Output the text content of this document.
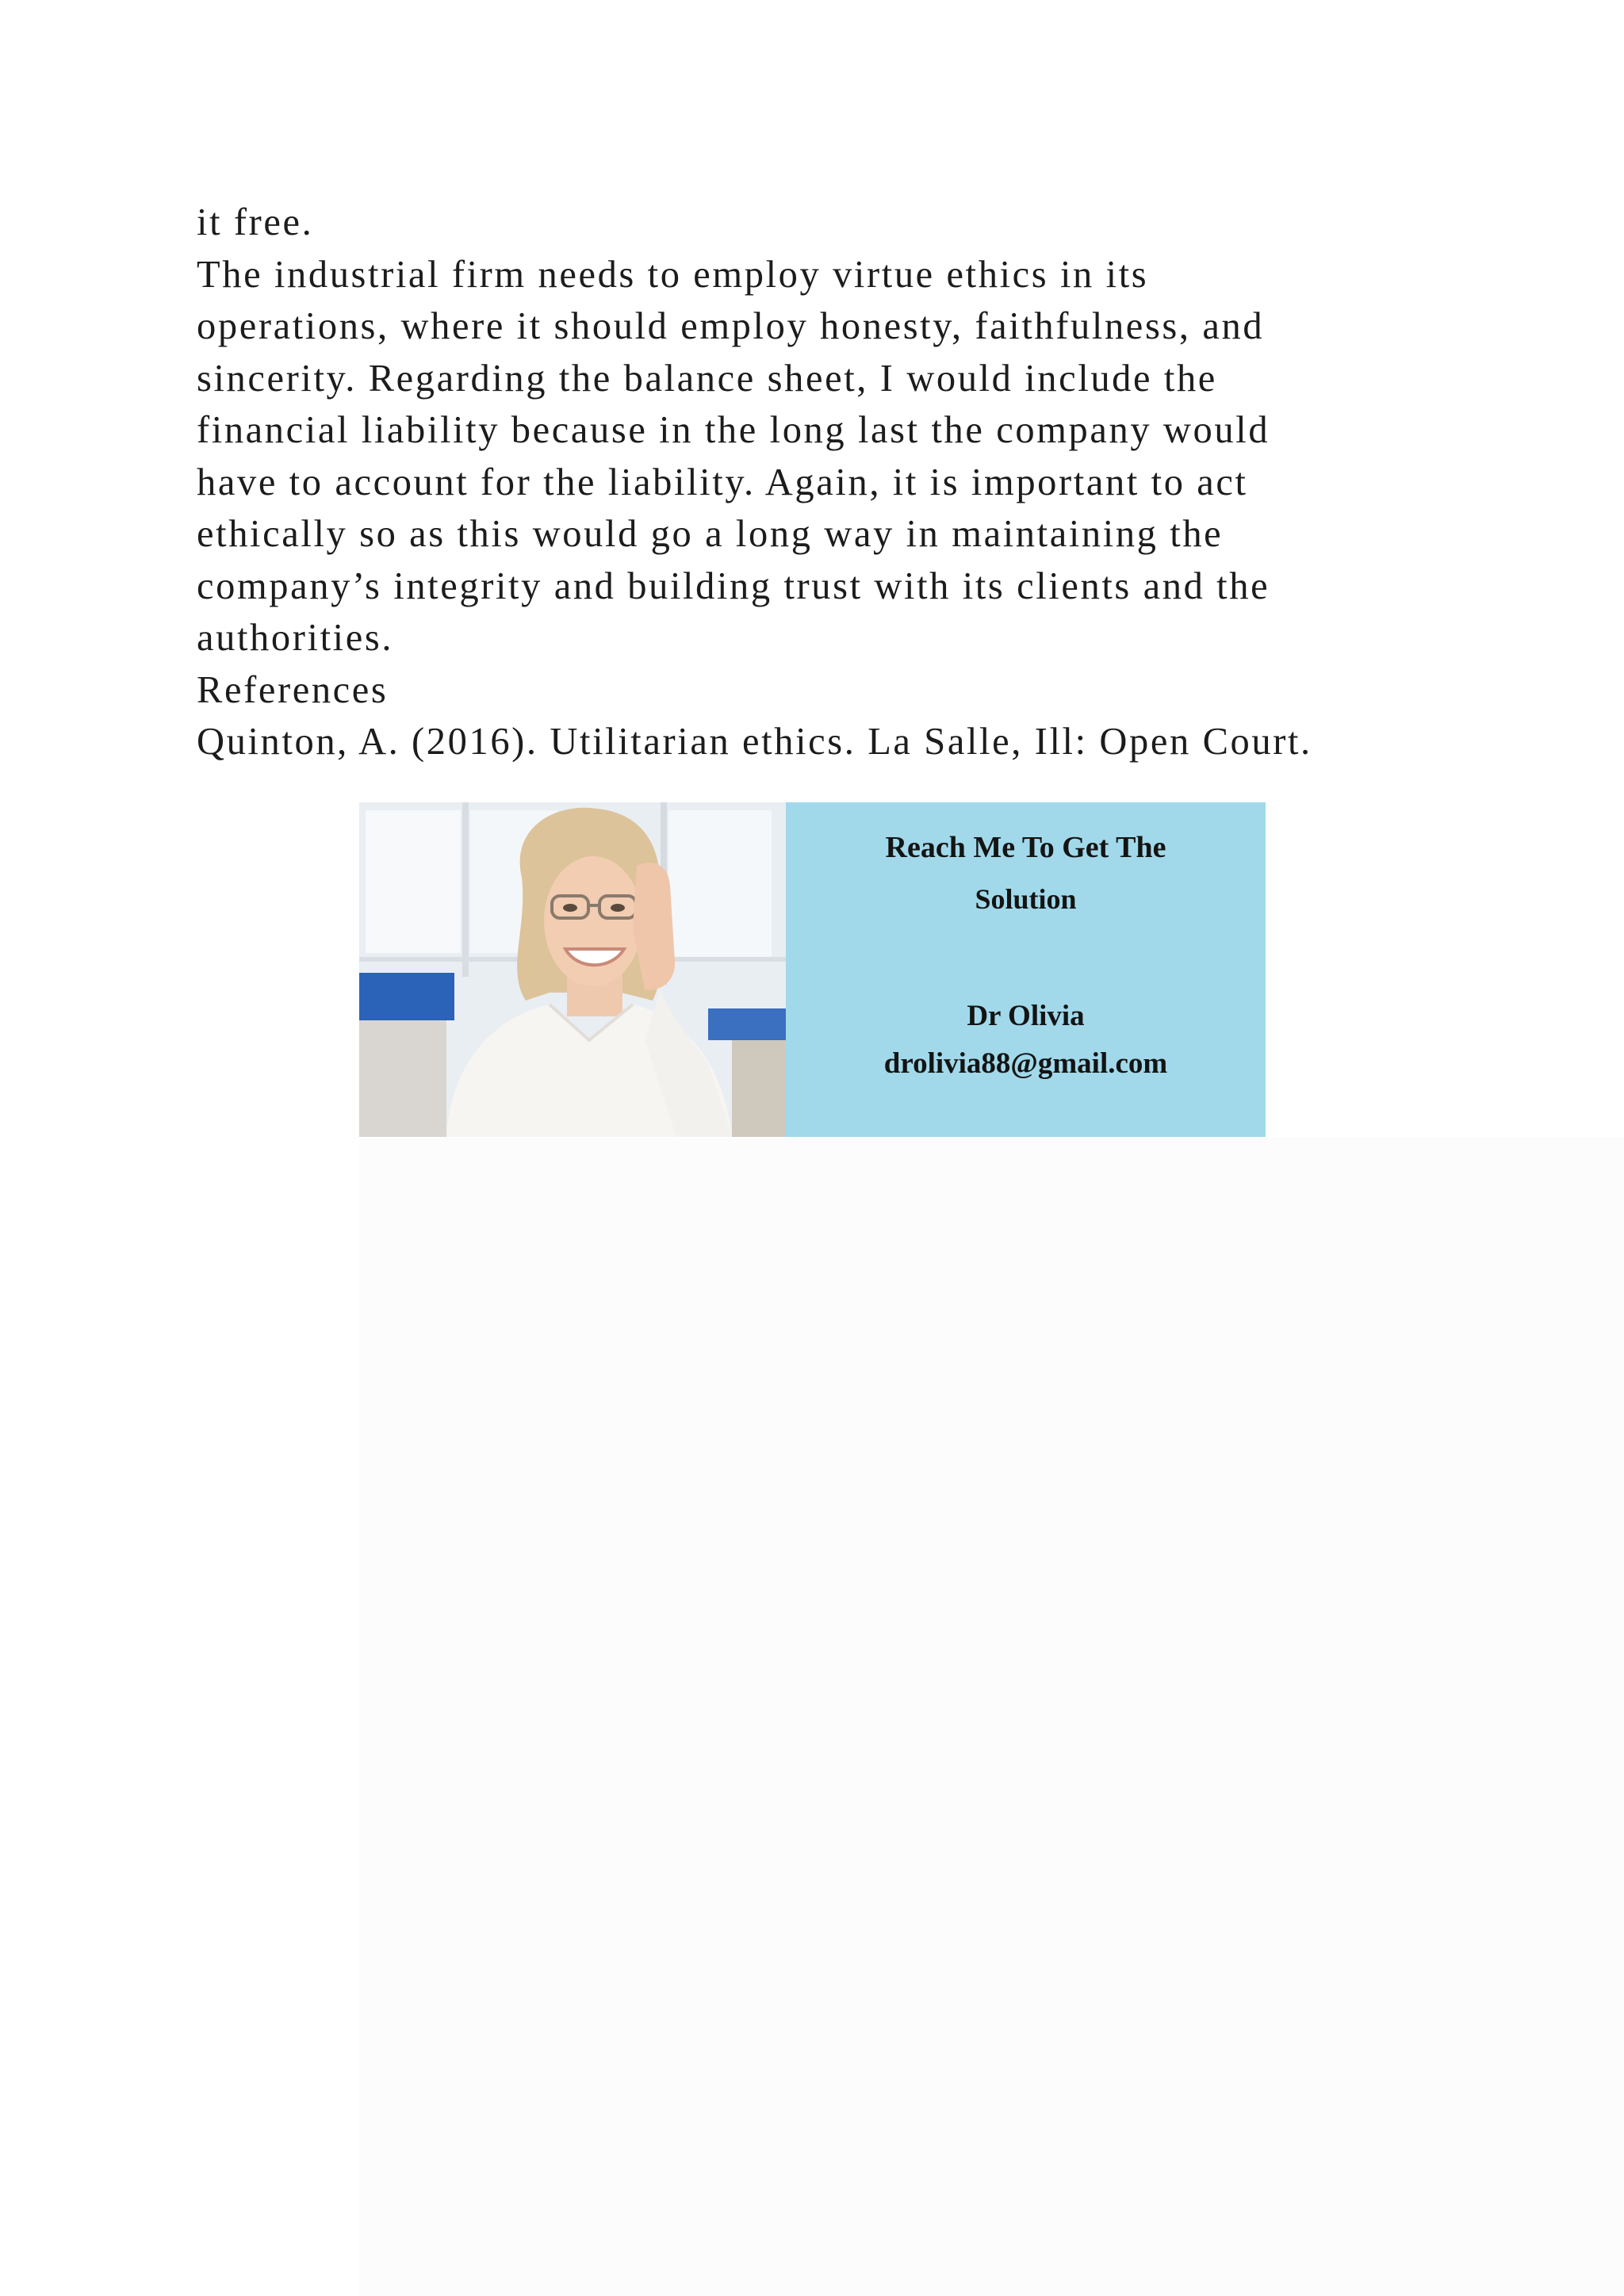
it free.
The industrial firm needs to employ virtue ethics in its
operations, where it should employ honesty, faithfulness, and
sincerity. Regarding the balance sheet, I would include the
financial liability because in the long last the company would
have to account for the liability. Again, it is important to act
ethically so as this would go a long way in maintaining the
company’s integrity and building trust with its clients and the
authorities.
References
Quinton, A. (2016). Utilitarian ethics. La Salle, Ill: Open Court.
Reach Me To Get The
Solution
Dr Olivia
drolivia88@gmail.com
